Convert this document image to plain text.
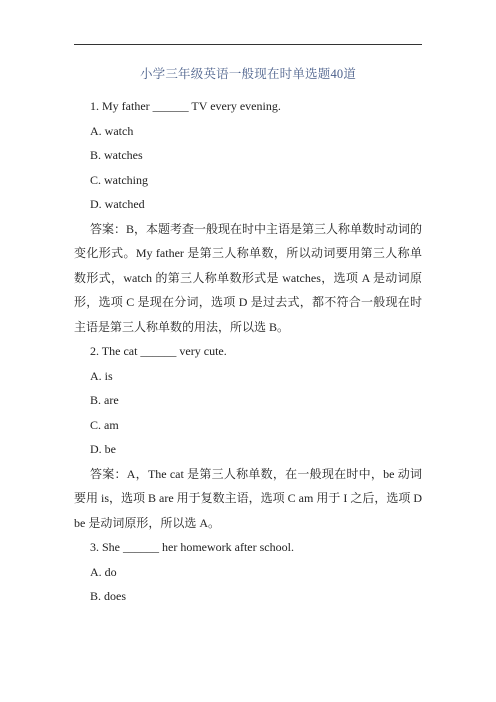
小学三年级英语一般现在时单选题40道
1. My father ______ TV every evening.
A. watch
B. watches
C. watching
D. watched

答案：B，本题考查一般现在时中主语是第三人称单数时动词的变化形式。My father 是第三人称单数，所以动词要用第三人称单数形式，watch 的第三人称单数形式是 watches，选项 A 是动词原形，选项 C 是现在分词，选项 D 是过去式，都不符合一般现在时主语是第三人称单数的用法，所以选 B。

2. The cat ______ very cute.
A. is
B. are
C. am
D. be

答案：A，The cat 是第三人称单数，在一般现在时中，be 动词要用 is，选项 B are 用于复数主语，选项 C am 用于 I 之后，选项 D be 是动词原形，所以选 A。

3. She ______ her homework after school.
A. do
B. does
